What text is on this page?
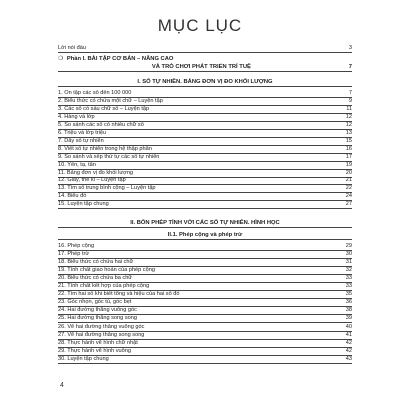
MỤC LỤC
Lời nói đầu	3
❍ Phần I. BÀI TẬP CƠ BẢN – NÂNG CAO
VÀ TRÒ CHƠI PHÁT TRIỂN TRÍ TUỆ	7
I. SỐ TỰ NHIÊN. BẢNG ĐƠN VỊ ĐO KHỐI LƯỢNG
1. Ôn tập các số đến 100 000	7
2. Biểu thức có chứa một chữ – Luyện tập	9
3. Các số có sáu chữ số – Luyện tập	11
4. Hàng và lớp	12
5. So sánh các số có nhiều chữ số	12
6. Triệu và lớp triệu	13
7. Dãy số tự nhiên	15
8. Viết số tự nhiên trong hệ thập phân	16
9. So sánh và xếp thứ tự các số tự nhiên	17
10. Yến, tạ, tấn	19
11. Bảng đơn vị đo khối lượng	20
12. Giây, thế kỉ – Luyện tập	21
13. Tìm số trung bình cộng – Luyện tập	22
14. Biểu đồ	24
15. Luyện tập chung	27
II. BỐN PHÉP TÍNH VỚI CÁC SỐ TỰ NHIÊN. HÌNH HỌC
II.1. Phép cộng và phép trừ
16. Phép cộng	29
17. Phép trừ	30
18. Biểu thức có chứa hai chữ	31
19. Tính chất giao hoán của phép cộng	32
20. Biểu thức có chứa ba chữ	33
21. Tính chất kết hợp của phép cộng	33
22. Tìm hai số khi biết tổng và hiệu của hai số đó	35
23. Góc nhọn, góc tù, góc bẹt	36
24. Hai đường thẳng vuông góc	38
25. Hai đường thẳng song song	39
26. Vẽ hai đường thẳng vuông góc	40
27. Vẽ hai đường thẳng song song	41
28. Thực hành vẽ hình chữ nhật	42
29. Thực hành vẽ hình vuông	42
30. Luyện tập chung	43
4
